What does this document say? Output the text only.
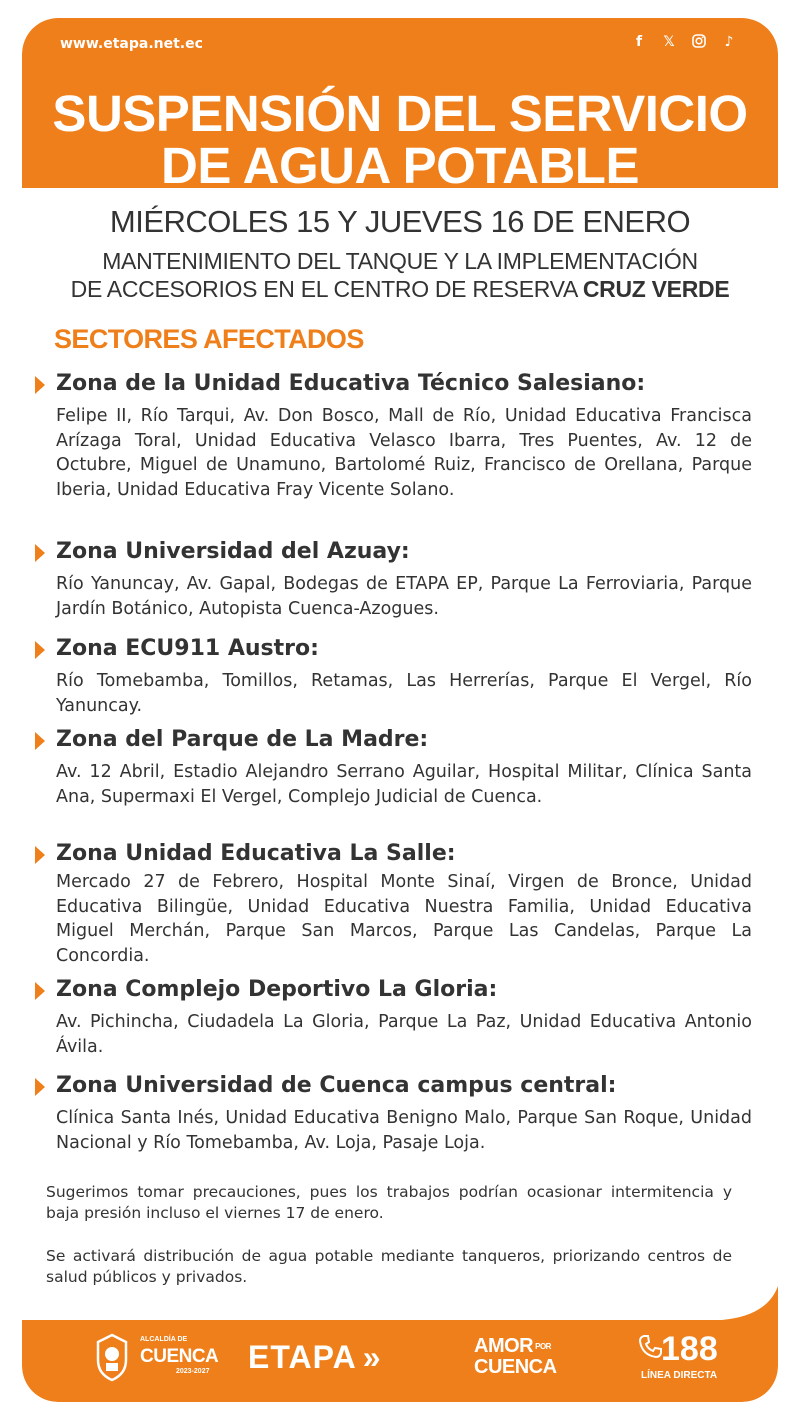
www.etapa.net.ec	f	𝕏	♪
SUSPENSIÓN DEL SERVICIO
DE AGUA POTABLE
MIÉRCOLES 15 Y JUEVES 16 DE ENERO
MANTENIMIENTO DEL TANQUE Y LA IMPLEMENTACIÓN
DE ACCESORIOS EN EL CENTRO DE RESERVA CRUZ VERDE
SECTORES AFECTADOS
Zona de la Unidad Educativa Técnico Salesiano:
Felipe II, Río Tarqui, Av. Don Bosco, Mall de Río, Unidad Educativa Francisca Arízaga Toral, Unidad Educativa Velasco Ibarra, Tres Puentes, Av. 12 de Octubre, Miguel de Unamuno, Bartolomé Ruiz, Francisco de Orellana, Parque Iberia, Unidad Educativa Fray Vicente Solano.
Zona Universidad del Azuay:
Río Yanuncay, Av. Gapal, Bodegas de ETAPA EP, Parque La Ferroviaria, Parque Jardín Botánico, Autopista Cuenca-Azogues.
Zona ECU911 Austro:
Río Tomebamba, Tomillos, Retamas, Las Herrerías, Parque El Vergel, Río Yanuncay.
Zona del Parque de La Madre:
Av. 12 Abril, Estadio Alejandro Serrano Aguilar, Hospital Militar, Clínica Santa Ana, Supermaxi El Vergel, Complejo Judicial de Cuenca.
Zona Unidad Educativa La Salle:
Mercado 27 de Febrero, Hospital Monte Sinaí, Virgen de Bronce, Unidad Educativa Bilingüe, Unidad Educativa Nuestra Familia, Unidad Educativa Miguel Merchán, Parque San Marcos, Parque Las Candelas, Parque La Concordia.
Zona Complejo Deportivo La Gloria:
Av. Pichincha, Ciudadela La Gloria, Parque La Paz, Unidad Educativa Antonio Ávila.
Zona Universidad de Cuenca campus central:
Clínica Santa Inés, Unidad Educativa Benigno Malo, Parque San Roque, Unidad Nacional y Río Tomebamba, Av. Loja, Pasaje Loja.
Sugerimos tomar precauciones, pues los trabajos podrían ocasionar intermitencia y baja presión incluso el viernes 17 de enero.
Se activará distribución de agua potable mediante tanqueros, priorizando centros de salud públicos y privados.
ALCALDÍA DE
CUENCA
2023-2027 ETAPA »	AMOR POR
CUENCA	188
LÍNEA DIRECTA
